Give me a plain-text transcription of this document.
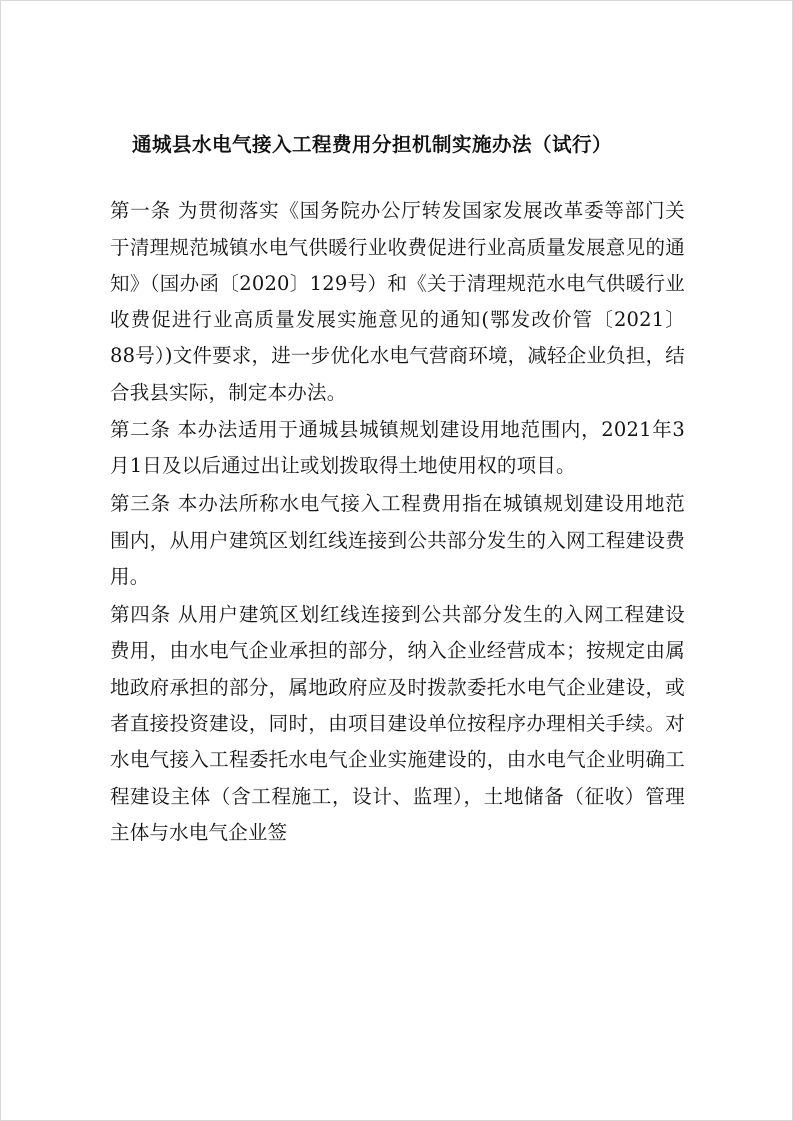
通城县水电气接入工程费用分担机制实施办法（试行）

第一条 为贯彻落实《国务院办公厅转发国家发展改革委等部门关于清理规范城镇水电气供暖行业收费促进行业高质量发展意见的通知》（国办函〔2020〕129号）和《关于清理规范水电气供暖行业收费促进行业高质量发展实施意见的通知(鄂发改价管〔2021〕88号）)文件要求，进一步优化水电气营商环境，减轻企业负担，结合我县实际，制定本办法。

第二条 本办法适用于通城县城镇规划建设用地范围内，2021年3月1日及以后通过出让或划拨取得土地使用权的项目。

第三条 本办法所称水电气接入工程费用指在城镇规划建设用地范围内，从用户建筑区划红线连接到公共部分发生的入网工程建设费用。

第四条 从用户建筑区划红线连接到公共部分发生的入网工程建设费用，由水电气企业承担的部分，纳入企业经营成本；按规定由属地政府承担的部分，属地政府应及时拨款委托水电气企业建设，或者直接投资建设，同时，由项目建设单位按程序办理相关手续。对水电气接入工程委托水电气企业实施建设的，由水电气企业明确工程建设主体（含工程施工，设计、监理），土地储备（征收）管理主体与水电气企业签
